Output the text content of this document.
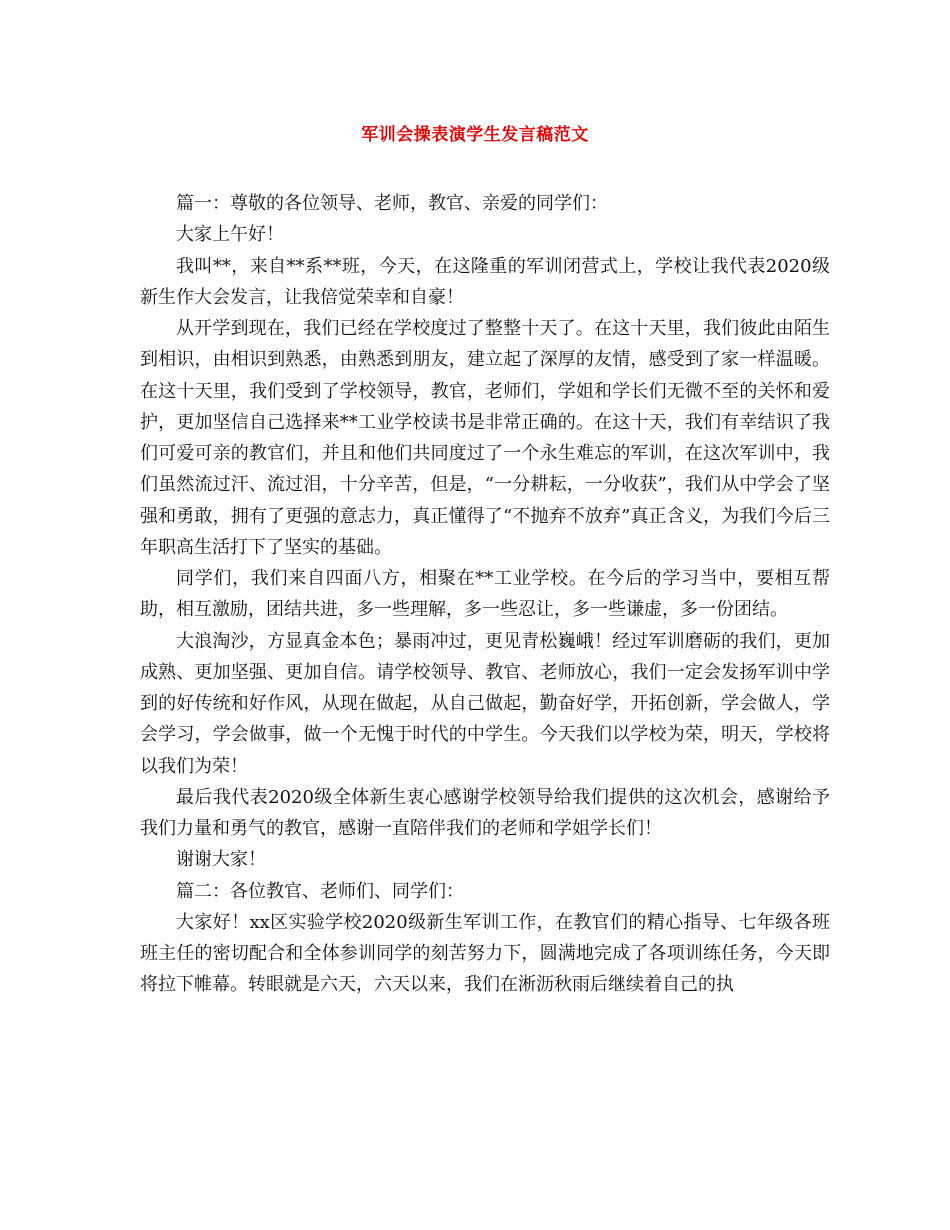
军训会操表演学生发言稿范文

篇一：尊敬的各位领导、老师，教官、亲爱的同学们：

大家上午好！

我叫**，来自**系**班，今天，在这隆重的军训闭营式上，学校让我代表2020级新生作大会发言，让我倍觉荣幸和自豪！

从开学到现在，我们已经在学校度过了整整十天了。在这十天里，我们彼此由陌生到相识，由相识到熟悉，由熟悉到朋友，建立起了深厚的友情，感受到了家一样温暖。在这十天里，我们受到了学校领导，教官，老师们，学姐和学长们无微不至的关怀和爱护，更加坚信自己选择来**工业学校读书是非常正确的。在这十天，我们有幸结识了我们可爱可亲的教官们，并且和他们共同度过了一个永生难忘的军训，在这次军训中，我们虽然流过汗、流过泪，十分辛苦，但是，“一分耕耘，一分收获”，我们从中学会了坚强和勇敢，拥有了更强的意志力，真正懂得了“不抛弃不放弃”真正含义，为我们今后三年职高生活打下了坚实的基础。

同学们，我们来自四面八方，相聚在**工业学校。在今后的学习当中，要相互帮助，相互激励，团结共进，多一些理解，多一些忍让，多一些谦虚，多一份团结。

大浪淘沙，方显真金本色；暴雨冲过，更见青松巍峨！经过军训磨砺的我们，更加成熟、更加坚强、更加自信。请学校领导、教官、老师放心，我们一定会发扬军训中学到的好传统和好作风，从现在做起，从自己做起，勤奋好学，开拓创新，学会做人，学会学习，学会做事，做一个无愧于时代的中学生。今天我们以学校为荣，明天，学校将以我们为荣！

最后我代表2020级全体新生衷心感谢学校领导给我们提供的这次机会，感谢给予我们力量和勇气的教官，感谢一直陪伴我们的老师和学姐学长们！

谢谢大家！

篇二：各位教官、老师们、同学们：

大家好！xx区实验学校2020级新生军训工作，在教官们的精心指导、七年级各班班主任的密切配合和全体参训同学的刻苦努力下，圆满地完成了各项训练任务，今天即将拉下帷幕。转眼就是六天，六天以来，我们在淅沥秋雨后继续着自己的执
